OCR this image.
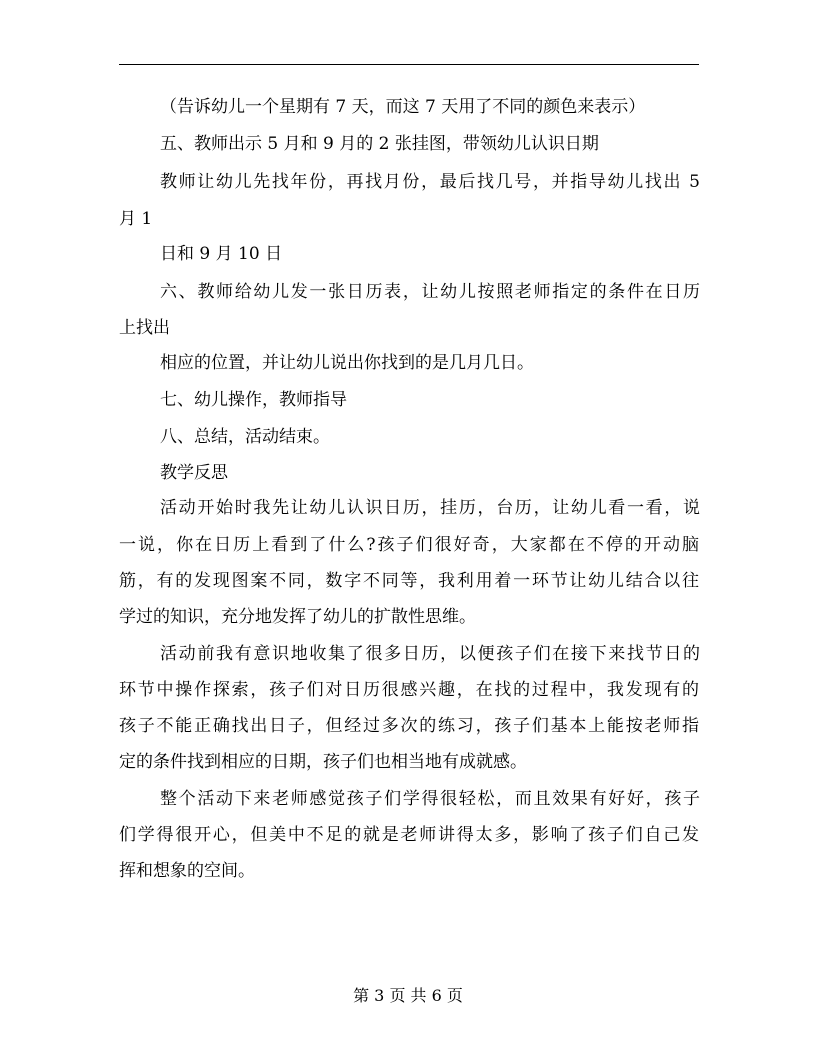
（告诉幼儿一个星期有 7 天，而这 7 天用了不同的颜色来表示）
五、教师出示 5 月和 9 月的 2 张挂图，带领幼儿认识日期
教师让幼儿先找年份，再找月份，最后找几号，并指导幼儿找出 5
月 1
日和 9 月 10 日
六、教师给幼儿发一张日历表，让幼儿按照老师指定的条件在日历
上找出
相应的位置，并让幼儿说出你找到的是几月几日。
七、幼儿操作，教师指导
八、总结，活动结束。
教学反思
活动开始时我先让幼儿认识日历，挂历，台历，让幼儿看一看，说
一说，你在日历上看到了什么?孩子们很好奇，大家都在不停的开动脑
筋，有的发现图案不同，数字不同等，我利用着一环节让幼儿结合以往
学过的知识，充分地发挥了幼儿的扩散性思维。
活动前我有意识地收集了很多日历，以便孩子们在接下来找节日的
环节中操作探索，孩子们对日历很感兴趣，在找的过程中，我发现有的
孩子不能正确找出日子，但经过多次的练习，孩子们基本上能按老师指
定的条件找到相应的日期，孩子们也相当地有成就感。
整个活动下来老师感觉孩子们学得很轻松，而且效果有好好，孩子
们学得很开心，但美中不足的就是老师讲得太多，影响了孩子们自己发
挥和想象的空间。
第 3 页 共 6 页
